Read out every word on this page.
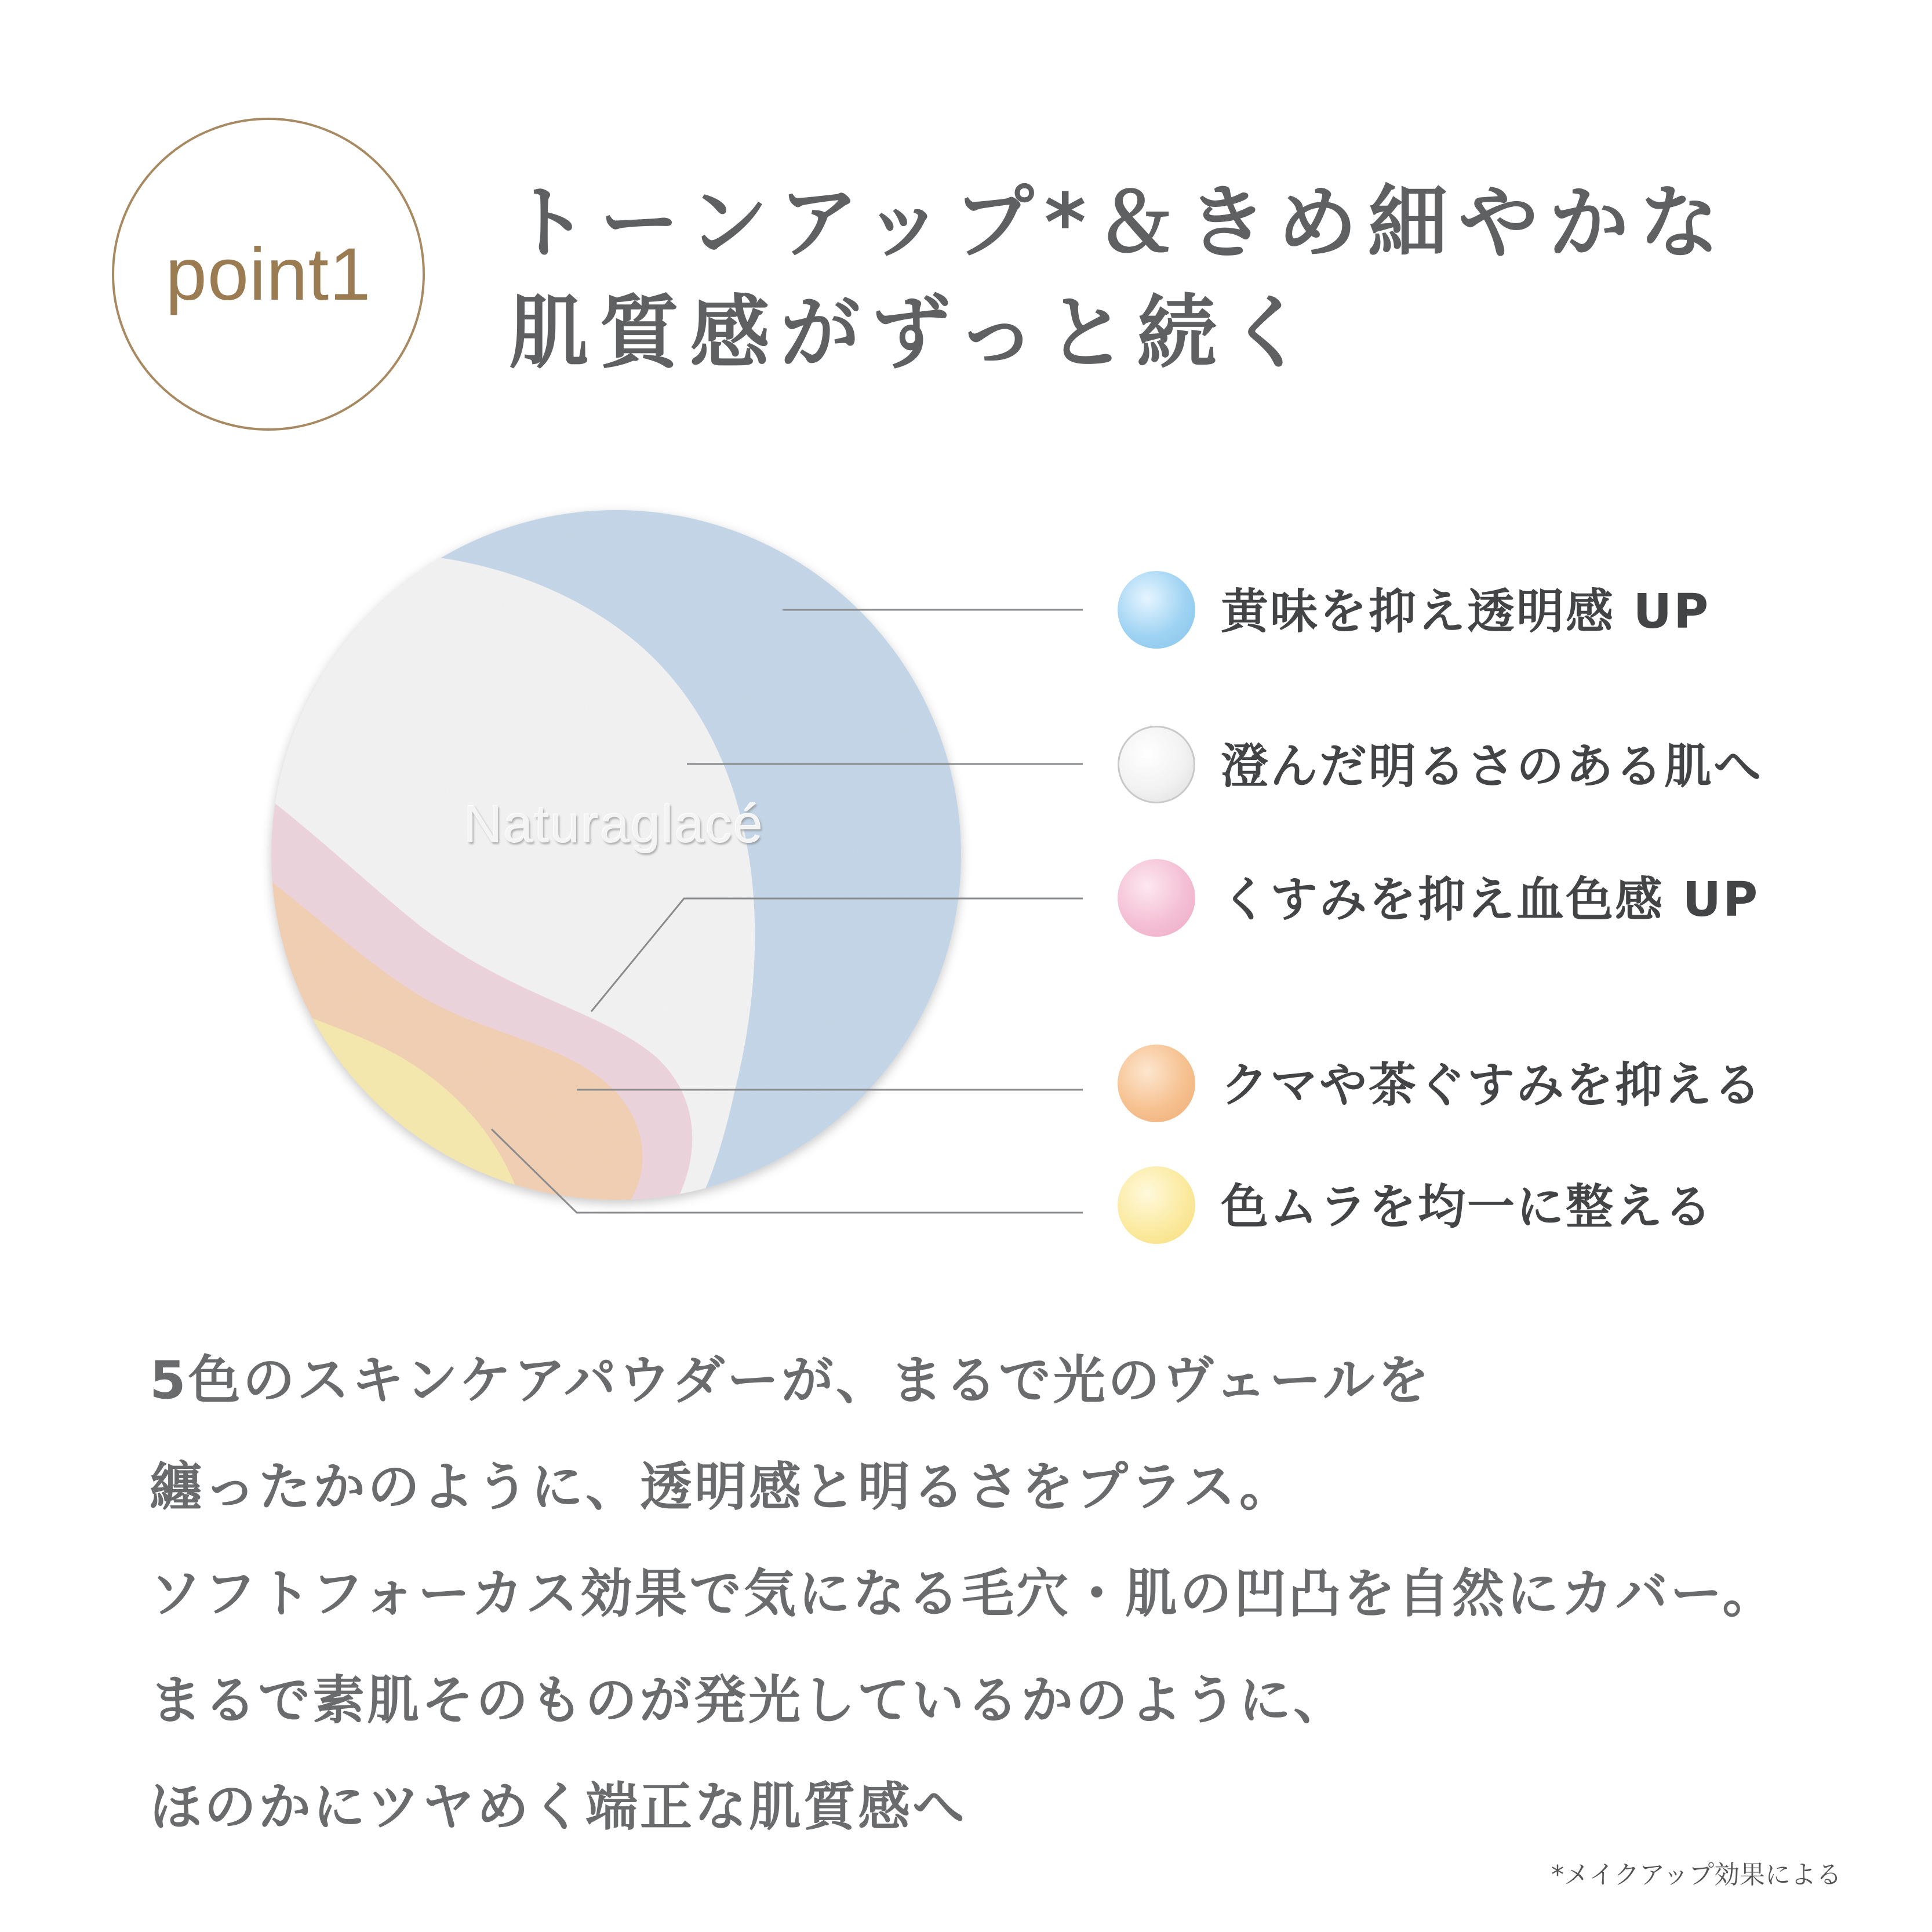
point1
トーンアップ*＆きめ細やかな
肌質感がずっと続く
Naturaglacé
黄味を抑え透明感 UP
澄んだ明るさのある肌へ
くすみを抑え血色感 UP
クマや茶ぐすみを抑える
色ムラを均一に整える
5色のスキンケアパウダーが、まるで光のヴェールを
纏ったかのように、透明感と明るさをプラス。
ソフトフォーカス効果で気になる毛穴・肌の凹凸を自然にカバー。
まるで素肌そのものが発光しているかのように、
ほのかにツヤめく端正な肌質感へ
*メイクアップ効果による
